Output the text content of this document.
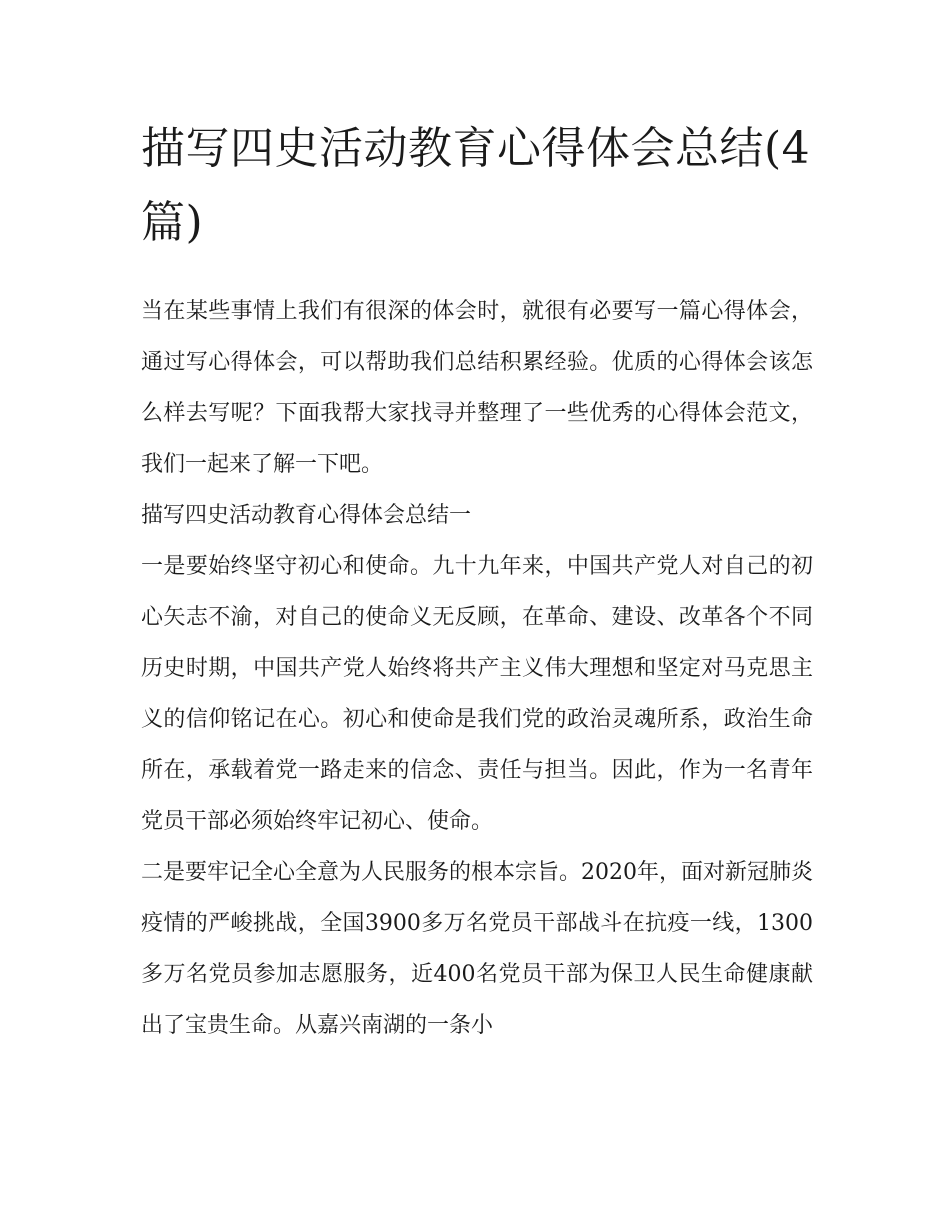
描写四史活动教育心得体会总结(4篇)

当在某些事情上我们有很深的体会时，就很有必要写一篇心得体会，通过写心得体会，可以帮助我们总结积累经验。优质的心得体会该怎么样去写呢？下面我帮大家找寻并整理了一些优秀的心得体会范文，我们一起来了解一下吧。

描写四史活动教育心得体会总结一

一是要始终坚守初心和使命。九十九年来，中国共产党人对自己的初心矢志不渝，对自己的使命义无反顾，在革命、建设、改革各个不同历史时期，中国共产党人始终将共产主义伟大理想和坚定对马克思主义的信仰铭记在心。初心和使命是我们党的政治灵魂所系，政治生命所在，承载着党一路走来的信念、责任与担当。因此，作为一名青年党员干部必须始终牢记初心、使命。

二是要牢记全心全意为人民服务的根本宗旨。2020年，面对新冠肺炎疫情的严峻挑战，全国3900多万名党员干部战斗在抗疫一线，1300多万名党员参加志愿服务，近400名党员干部为保卫人民生命健康献出了宝贵生命。从嘉兴南湖的一条小
